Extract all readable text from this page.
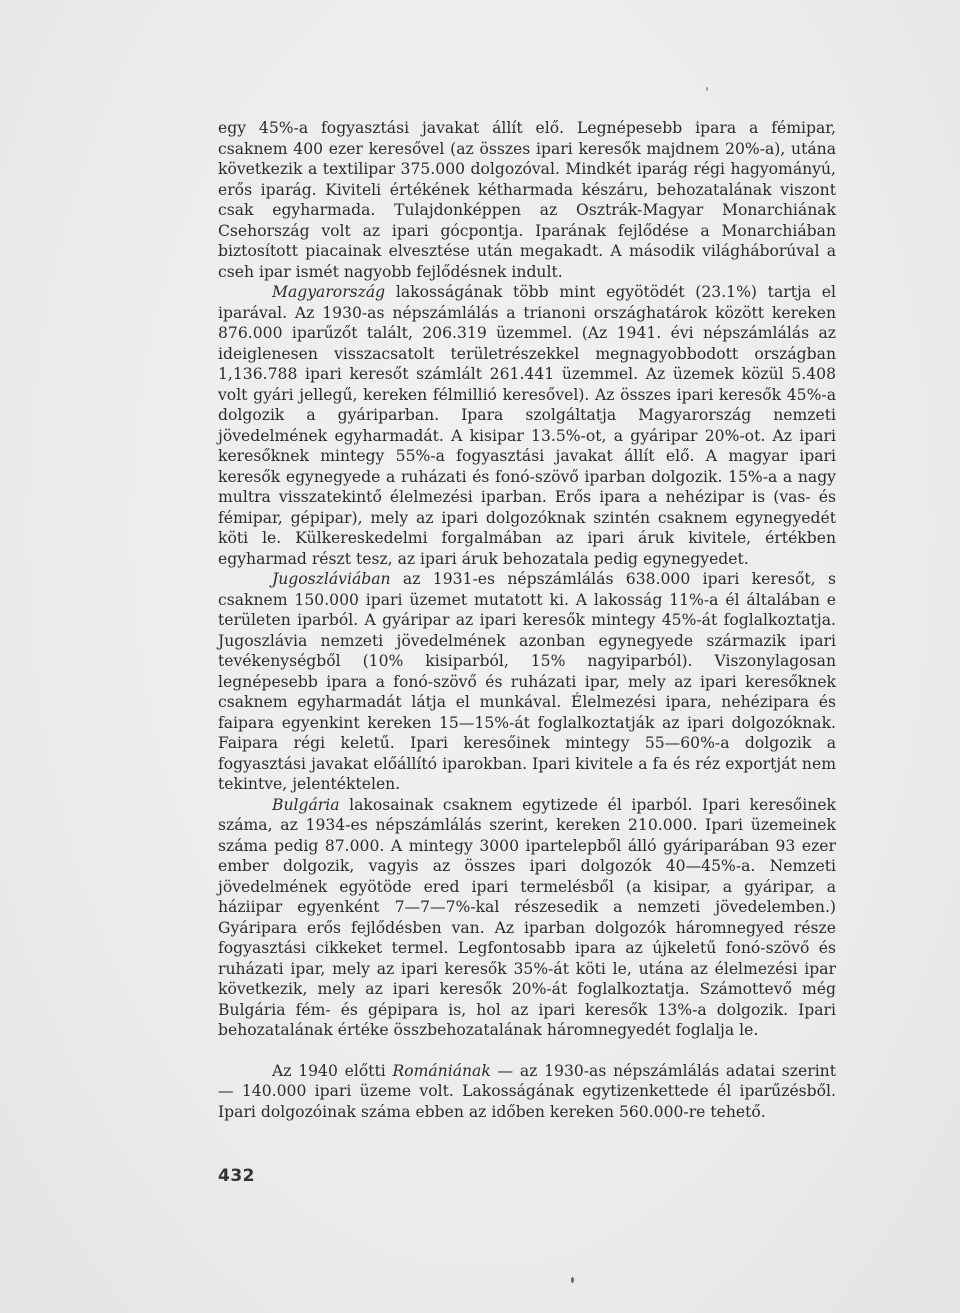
egy 45%-a fogyasztási javakat állít elő. Legnépesebb ipara a fémipar, csaknem 400 ezer keresővel (az összes ipari keresők majdnem 20%-a), utána következik a textilipar 375.000 dolgozóval. Mindkét iparág régi hagyományú, erős iparág. Kiviteli értékének kétharmada készáru, behozatalának viszont csak egyharmada. Tulajdonképpen az Osztrák-Magyar Monarchiának Csehország volt az ipari gócpontja. Iparának fejlődése a Monarchiában biztosított piacainak elvesztése után megakadt. A második világháborúval a cseh ipar ismét nagyobb fejlődésnek indult.

Magyarország lakosságának több mint egyötödét (23.1%) tartja el iparával. Az 1930-as népszámlálás a trianoni országhatárok között kereken 876.000 iparűzőt talált, 206.319 üzemmel. (Az 1941. évi népszámlálás az ideiglenesen visszacsatolt területrészekkel megnagyobbodott országban 1,136.788 ipari keresőt számlált 261.441 üzemmel. Az üzemek közül 5.408 volt gyári jellegű, kereken félmillió keresővel). Az összes ipari keresők 45%-a dolgozik a gyáriparban. Ipara szolgáltatja Magyarország nemzeti jövedelmének egyharmadát. A kisipar 13.5%-ot, a gyáripar 20%-ot. Az ipari keresőknek mintegy 55%-a fogyasztási javakat állít elő. A magyar ipari keresők egynegyede a ruházati és fonó-szövő iparban dolgozik. 15%-a a nagy multra visszatekintő élelmezési iparban. Erős ipara a nehézipar is (vas- és fémipar, gépipar), mely az ipari dolgozóknak szintén csaknem egynegyedét köti le. Külkereskedelmi forgalmában az ipari áruk kivitele, értékben egyharmad részt tesz, az ipari áruk behozatala pedig egynegyedet.

Jugoszláviában az 1931-es népszámlálás 638.000 ipari keresőt, s csaknem 150.000 ipari üzemet mutatott ki. A lakosság 11%-a él általában e területen iparból. A gyáripar az ipari keresők mintegy 45%-át foglalkoztatja. Jugoszlávia nemzeti jövedelmének azonban egynegyede származik ipari tevékenységből (10% kisiparból, 15% nagyiparból). Viszonylagosan legnépesebb ipara a fonó-szövő és ruházati ipar, mely az ipari keresőknek csaknem egyharmadát látja el munkával. Élelmezési ipara, nehézipara és faipara egyenkint kereken 15—15%-át foglalkoztatják az ipari dolgozóknak. Faipara régi keletű. Ipari keresőinek mintegy 55—60%-a dolgozik a fogyasztási javakat előállító iparokban. Ipari kivitele a fa és réz exportját nem tekintve, jelentéktelen.

Bulgária lakosainak csaknem egytizede él iparból. Ipari keresőinek száma, az 1934-es népszámlálás szerint, kereken 210.000. Ipari üzemeinek száma pedig 87.000. A mintegy 3000 ipartelepből álló gyáriparában 93 ezer ember dolgozik, vagyis az összes ipari dolgozók 40—45%-a. Nemzeti jövedelmének egyötöde ered ipari termelésből (a kisipar, a gyáripar, a háziipar egyenként 7—7—7%-kal részesedik a nemzeti jövedelemben.) Gyáripara erős fejlődésben van. Az iparban dolgozók háromnegyed része fogyasztási cikkeket termel. Legfontosabb ipara az újkeletű fonó-szövő és ruházati ipar, mely az ipari keresők 35%-át köti le, utána az élelmezési ipar következik, mely az ipari keresők 20%-át foglalkoztatja. Számottevő még Bulgária fém- és gépipara is, hol az ipari keresők 13%-a dolgozik. Ipari behozatalának értéke összbehozatalának háromnegyedét foglalja le.

Az 1940 előtti Romániának — az 1930-as népszámlálás adatai szerint — 140.000 ipari üzeme volt. Lakosságának egytizenkettede él iparűzésből. Ipari dolgozóinak száma ebben az időben kereken 560.000-re tehető.

432
